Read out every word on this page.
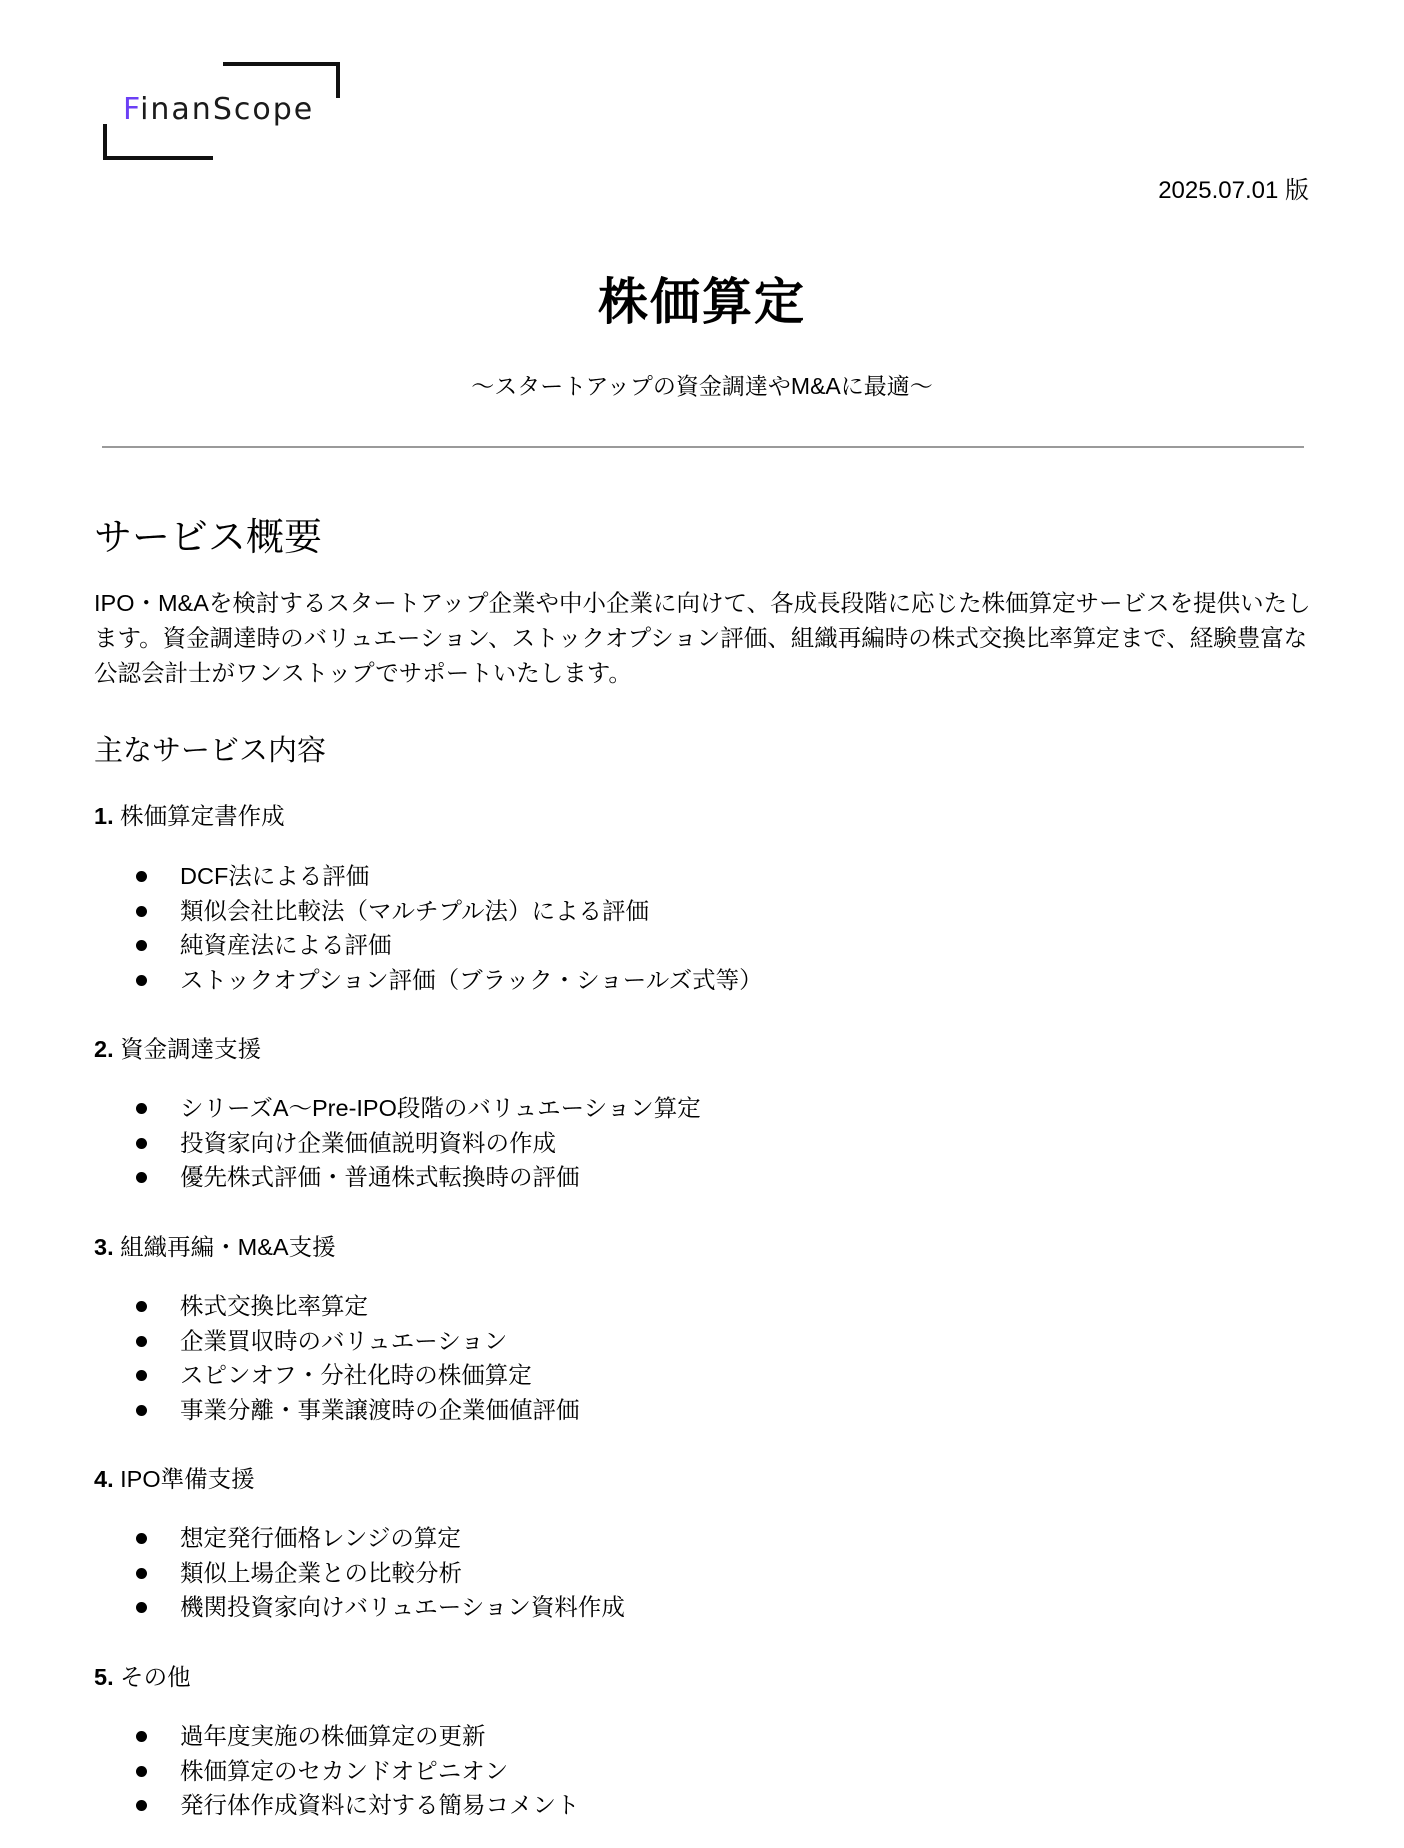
FinanScope
2025.07.01 版
株価算定
〜スタートアップの資金調達やM&Aに最適〜
サービス概要
IPO・M&Aを検討するスタートアップ企業や中小企業に向けて、各成長段階に応じた株価算定サービスを提供いたします。資金調達時のバリュエーション、ストックオプション評価、組織再編時の株式交換比率算定まで、経験豊富な公認会計士がワンストップでサポートいたします。
主なサービス内容
1. 株価算定書作成
DCF法による評価
類似会社比較法（マルチプル法）による評価
純資産法による評価
ストックオプション評価（ブラック・ショールズ式等）
2. 資金調達支援
シリーズA〜Pre-IPO段階のバリュエーション算定
投資家向け企業価値説明資料の作成
優先株式評価・普通株式転換時の評価
3. 組織再編・M&A支援
株式交換比率算定
企業買収時のバリュエーション
スピンオフ・分社化時の株価算定
事業分離・事業譲渡時の企業価値評価
4. IPO準備支援
想定発行価格レンジの算定
類似上場企業との比較分析
機関投資家向けバリュエーション資料作成
5. その他
過年度実施の株価算定の更新
株価算定のセカンドオピニオン
発行体作成資料に対する簡易コメント
